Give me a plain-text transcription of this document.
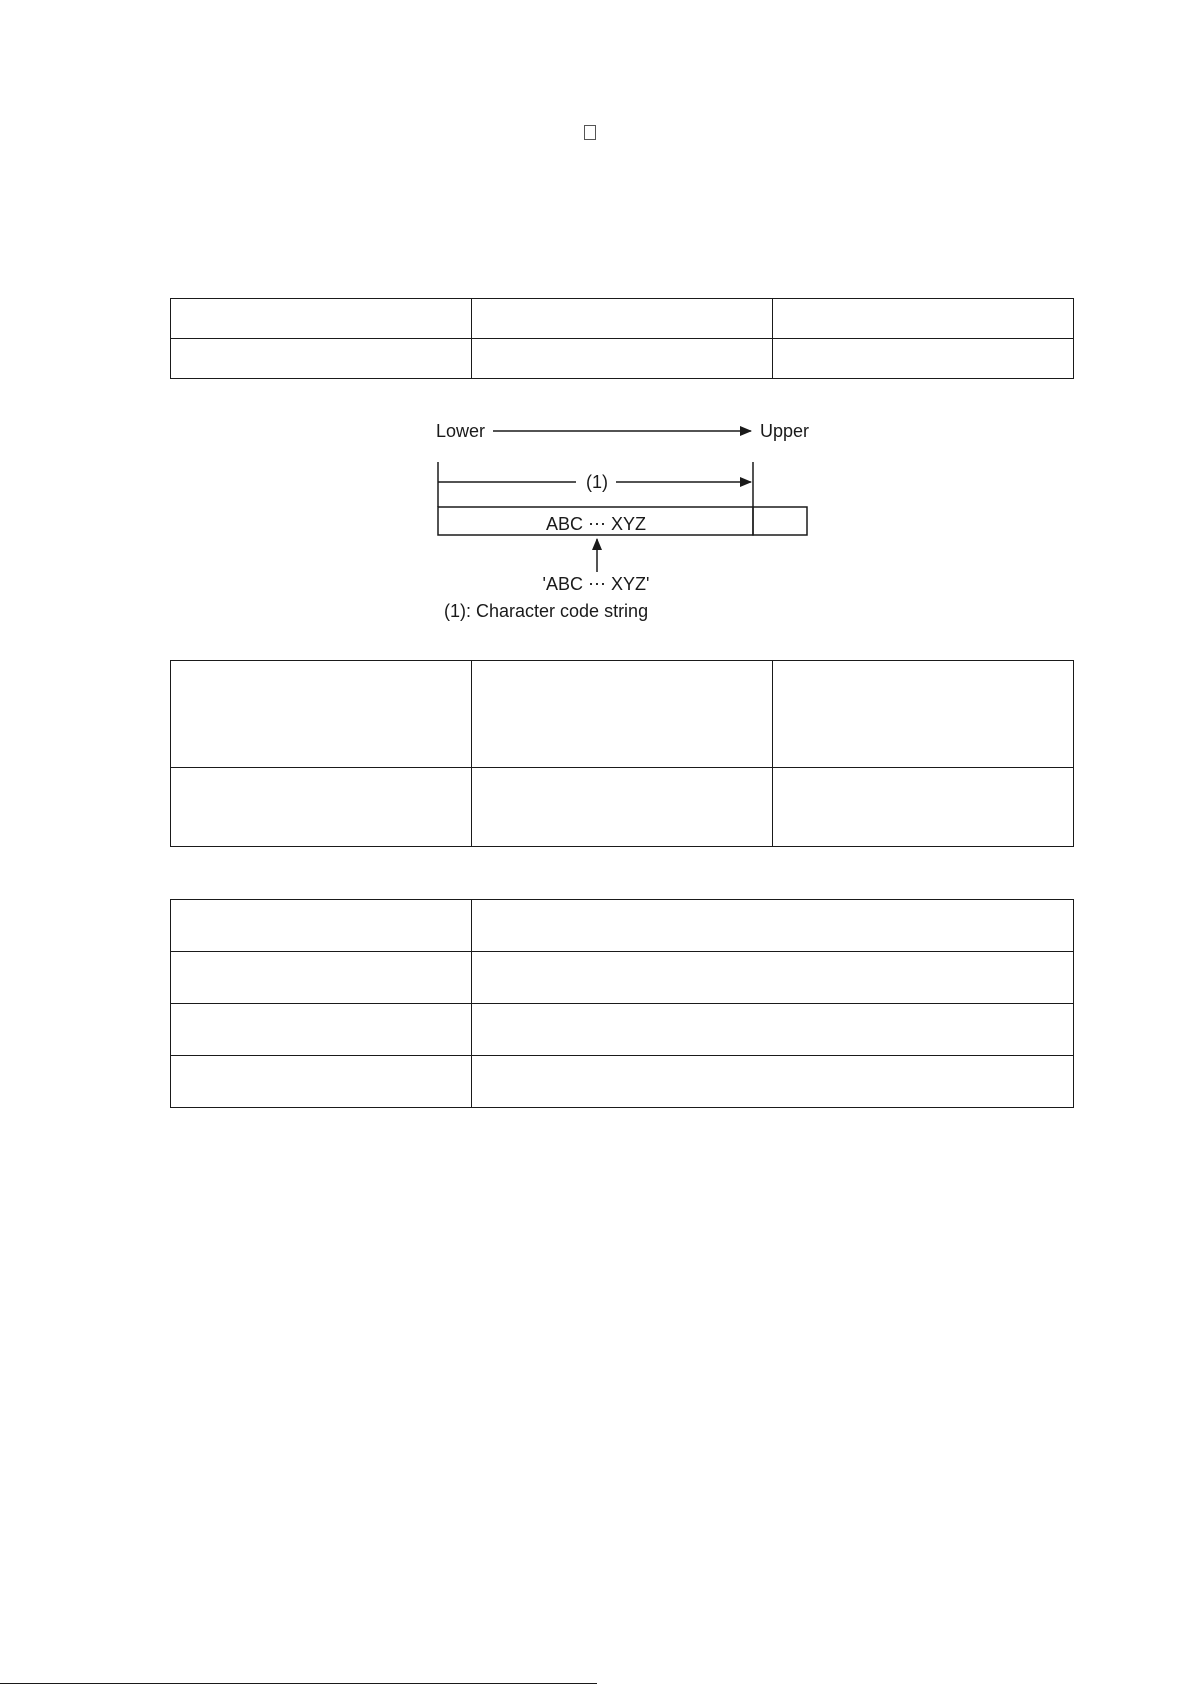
Lower	Upper
(1)
ABC ⋯ XYZ
'ABC ⋯ XYZ'
(1): Character code string
